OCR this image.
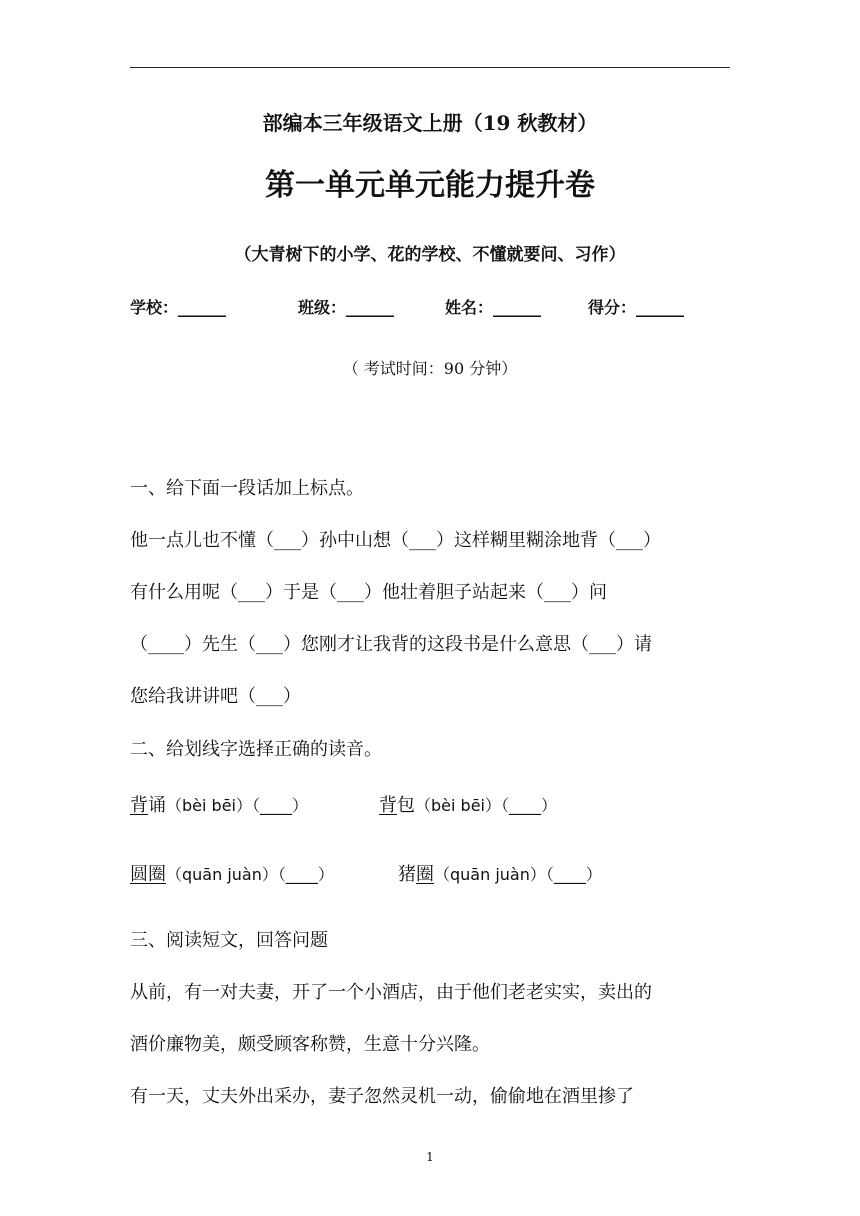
部编本三年级语文上册（19 秋教材）
第一单元单元能力提升卷
（大青树下的小学、花的学校、不懂就要问、习作）
学校：______	班级：______	姓名：______	得分：______
（ 考试时间：90 分钟）
一、给下面一段话加上标点。
他一点儿也不懂（___）孙中山想（___）这样糊里糊涂地背（___）
有什么用呢（___）于是（___）他壮着胆子站起来（___）问
（____）先生（___）您刚才让我背的这段书是什么意思（___）请
您给我讲讲吧（___）
二、给划线字选择正确的读音。
背诵（bèi bēi）（____）	背包（bèi bēi）（____）
圆圈（quān juàn）（____）	猪圈（quān juàn）（____）
三、阅读短文，回答问题
从前，有一对夫妻，开了一个小酒店，由于他们老老实实，卖出的
酒价廉物美，颇受顾客称赞，生意十分兴隆。
有一天，丈夫外出采办，妻子忽然灵机一动，偷偷地在酒里掺了
1
